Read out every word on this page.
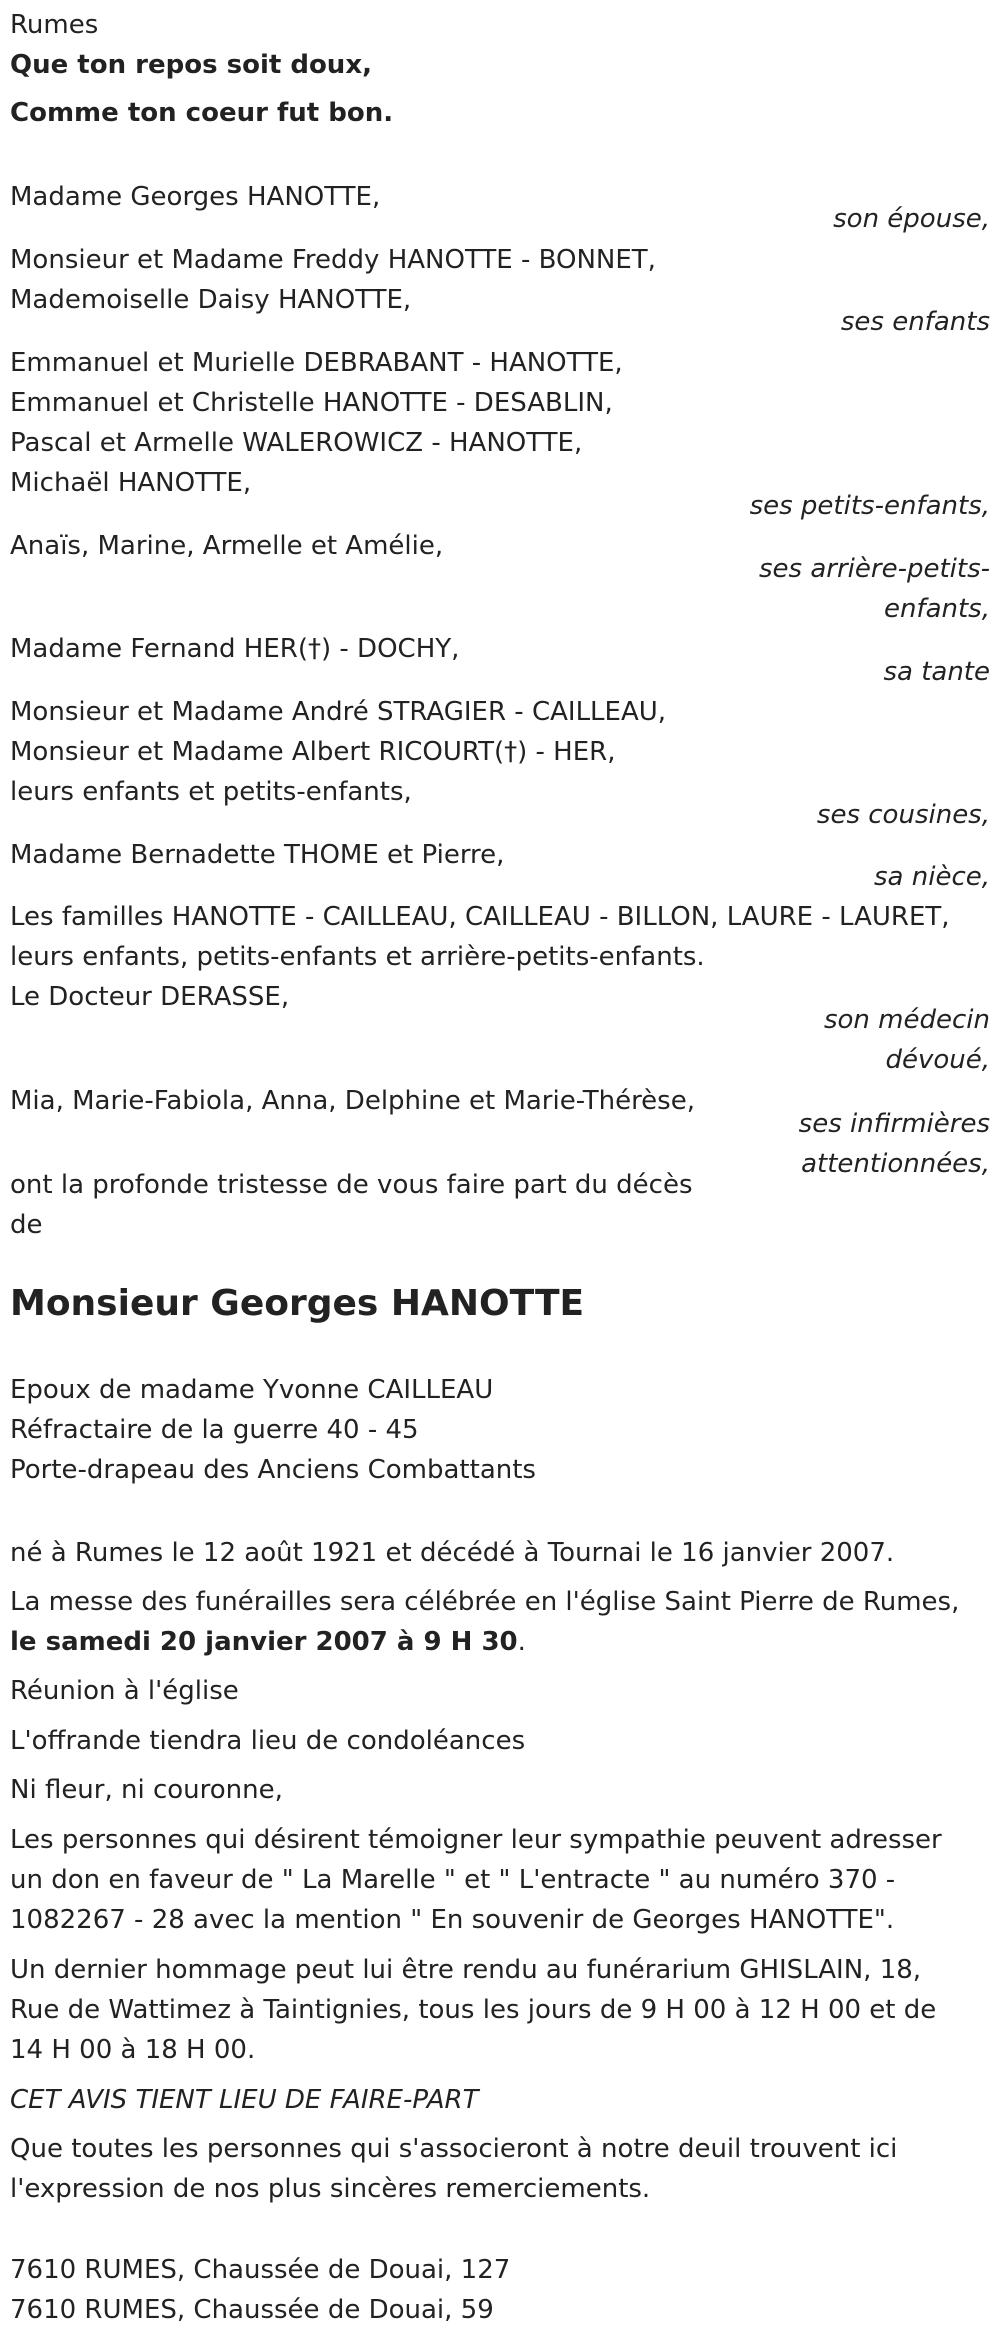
Rumes
Que ton repos soit doux,
Comme ton coeur fut bon.
Madame Georges HANOTTE,
son épouse,
Monsieur et Madame Freddy HANOTTE - BONNET,
Mademoiselle Daisy HANOTTE,
ses enfants
Emmanuel et Murielle DEBRABANT - HANOTTE,
Emmanuel et Christelle HANOTTE - DESABLIN,
Pascal et Armelle WALEROWICZ - HANOTTE,
Michaël HANOTTE,
ses petits-enfants,
Anaïs, Marine, Armelle et Amélie,
ses arrière-petits-
enfants,
Madame Fernand HER(†) - DOCHY,
sa tante
Monsieur et Madame André STRAGIER - CAILLEAU,
Monsieur et Madame Albert RICOURT(†) - HER,
leurs enfants et petits-enfants,
ses cousines,
Madame Bernadette THOME et Pierre,
sa nièce,
Les familles HANOTTE - CAILLEAU, CAILLEAU - BILLON, LAURE - LAURET,
leurs enfants, petits-enfants et arrière-petits-enfants.
Le Docteur DERASSE,
son médecin
dévoué,
Mia, Marie-Fabiola, Anna, Delphine et Marie-Thérèse,
ses infirmières
attentionnées,
ont la profonde tristesse de vous faire part du décès
de
Monsieur Georges HANOTTE
Epoux de madame Yvonne CAILLEAU
Réfractaire de la guerre 40 - 45
Porte-drapeau des Anciens Combattants
né à Rumes le 12 août 1921 et décédé à Tournai le 16 janvier 2007.
La messe des funérailles sera célébrée en l'église Saint Pierre de Rumes,
le samedi 20 janvier 2007 à 9 H 30.
Réunion à l'église
L'offrande tiendra lieu de condoléances
Ni fleur, ni couronne,
Les personnes qui désirent témoigner leur sympathie peuvent adresser
un don en faveur de " La Marelle " et " L'entracte " au numéro 370 -
1082267 - 28 avec la mention " En souvenir de Georges HANOTTE".
Un dernier hommage peut lui être rendu au funérarium GHISLAIN, 18,
Rue de Wattimez à Taintignies, tous les jours de 9 H 00 à 12 H 00 et de
14 H 00 à 18 H 00.
CET AVIS TIENT LIEU DE FAIRE-PART
Que toutes les personnes qui s'associeront à notre deuil trouvent ici
l'expression de nos plus sincères remerciements.
7610 RUMES, Chaussée de Douai, 127
7610 RUMES, Chaussée de Douai, 59
